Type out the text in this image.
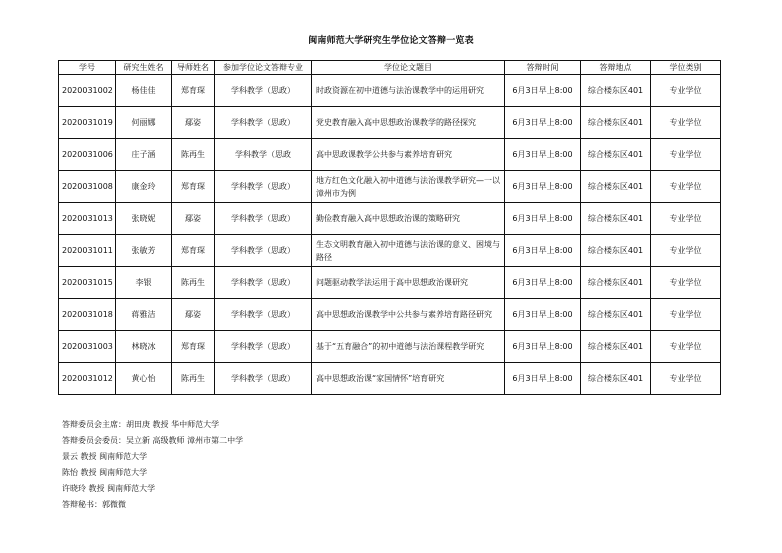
闽南师范大学研究生学位论文答辩一览表
学号	研究生姓名	导师姓名	参加学位论文答辩专业	学位论文题目	答辩时间	答辩地点	学位类别
2020031002	杨佳佳	郑育琛	学科教学（思政）	时政资源在初中道德与法治课教学中的运用研究	6月3日早上8:00	综合楼东区401	专业学位
2020031019	何丽娜	鄢姿	学科教学（思政）	党史教育融入高中思想政治课教学的路径探究	6月3日早上8:00	综合楼东区401	专业学位
2020031006	庄子涵	陈再生	学科教学（思政	高中思政课教学公共参与素养培育研究	6月3日早上8:00	综合楼东区401	专业学位
2020031008	康金玲	郑育琛	学科教学（思政）	地方红色文化融入初中道德与法治课教学研究—一以漳州市为例	6月3日早上8:00	综合楼东区401	专业学位
2020031013	张晓妮	鄢姿	学科教学（思政）	勤俭教育融入高中思想政治课的策略研究	6月3日早上8:00	综合楼东区401	专业学位
2020031011	张敏芳	郑育琛	学科教学（思政）	生态文明教育融入初中道德与法治课的意义、困境与路径	6月3日早上8:00	综合楼东区401	专业学位
2020031015	李银	陈再生	学科教学（思政）	问题驱动教学法运用于高中思想政治课研究	6月3日早上8:00	综合楼东区401	专业学位
2020031018	蒋雅洁	鄢姿	学科教学（思政）	高中思想政治课教学中公共参与素养培育路径研究	6月3日早上8:00	综合楼东区401	专业学位
2020031003	林晓冰	郑育琛	学科教学（思政）	基于“五育融合”的初中道德与法治课程教学研究	6月3日早上8:00	综合楼东区401	专业学位
2020031012	黄心怡	陈再生	学科教学（思政）	高中思想政治课“家国情怀”培育研究	6月3日早上8:00	综合楼东区401	专业学位
答辩委员会主席：胡田庚 教授 华中师范大学
答辩委员会委员：吴立新 高级教师 漳州市第二中学
景云 教授 闽南师范大学
陈怡 教授 闽南师范大学
许晓玲 教授 闽南师范大学
答辩秘书：郭微微
